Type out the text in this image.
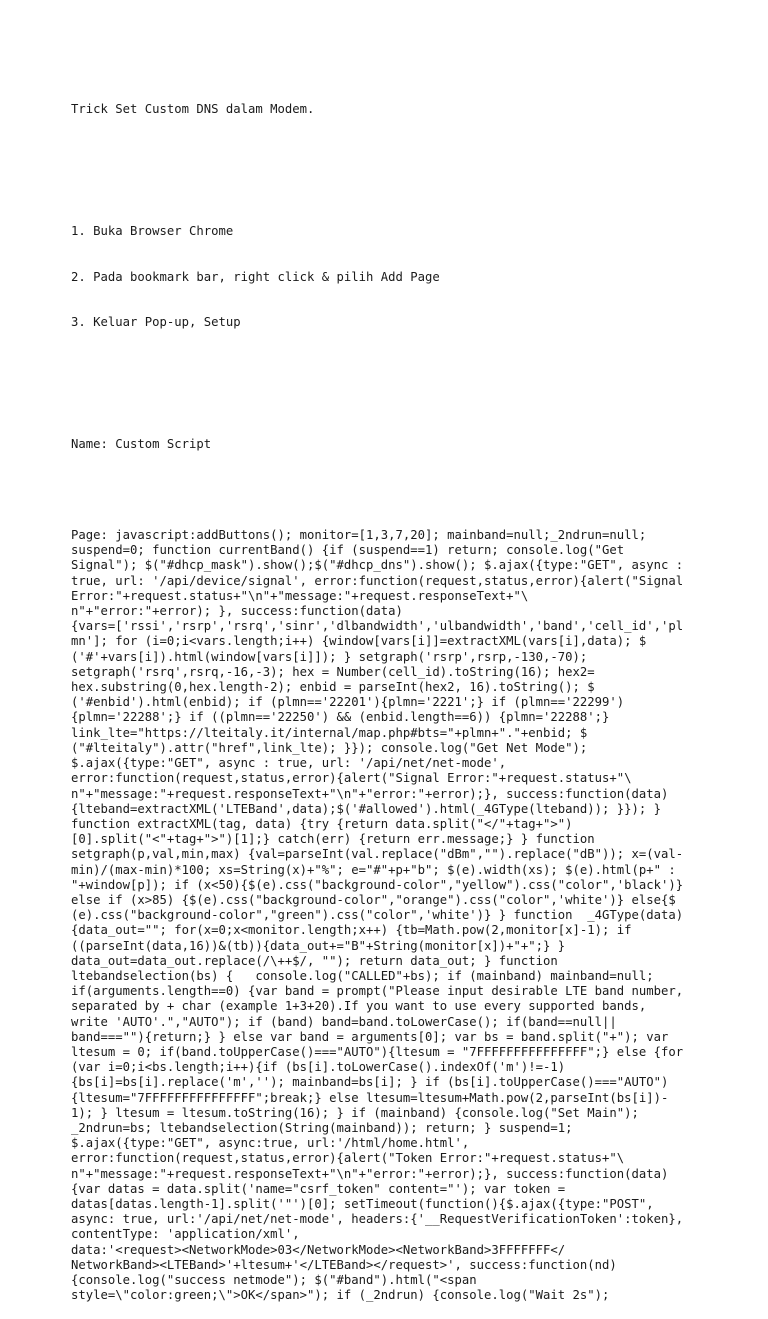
Trick Set Custom DNS dalam Modem.

1. Buka Browser Chrome

2. Pada bookmark bar, right click & pilih Add Page

3. Keluar Pop-up, Setup

Name: Custom Script

Page: javascript:addButtons(); monitor=[1,3,7,20]; mainband=null;_2ndrun=null;
suspend=0; function currentBand() {if (suspend==1) return; console.log("Get
Signal"); $("#dhcp_mask").show();$("#dhcp_dns").show(); $.ajax({type:"GET", async :
true, url: '/api/device/signal', error:function(request,status,error){alert("Signal
Error:"+request.status+"\n"+"message:"+request.responseText+"\
n"+"error:"+error); }, success:function(data)
{vars=['rssi','rsrp','rsrq','sinr','dlbandwidth','ulbandwidth','band','cell_id','pl
mn']; for (i=0;i<vars.length;i++) {window[vars[i]]=extractXML(vars[i],data); $
('#'+vars[i]).html(window[vars[i]]); } setgraph('rsrp',rsrp,-130,-70);
setgraph('rsrq',rsrq,-16,-3); hex = Number(cell_id).toString(16); hex2=
hex.substring(0,hex.length-2); enbid = parseInt(hex2, 16).toString(); $
('#enbid').html(enbid); if (plmn=='22201'){plmn='2221';} if (plmn=='22299')
{plmn='22288';} if ((plmn=='22250') && (enbid.length==6)) {plmn='22288';}
link_lte="https://lteitaly.it/internal/map.php#bts="+plmn+"."+enbid; $
("#lteitaly").attr("href",link_lte); }}); console.log("Get Net Mode");
$.ajax({type:"GET", async : true, url: '/api/net/net-mode',
error:function(request,status,error){alert("Signal Error:"+request.status+"\
n"+"message:"+request.responseText+"\n"+"error:"+error);}, success:function(data)
{lteband=extractXML('LTEBand',data);$('#allowed').html(_4GType(lteband)); }}); }
function extractXML(tag, data) {try {return data.split("</"+tag+">")
[0].split("<"+tag+">")[1];} catch(err) {return err.message;} } function
setgraph(p,val,min,max) {val=parseInt(val.replace("dBm","").replace("dB")); x=(val-
min)/(max-min)*100; xs=String(x)+"%"; e="#"+p+"b"; $(e).width(xs); $(e).html(p+" :
"+window[p]); if (x<50){$(e).css("background-color","yellow").css("color",'black')}
else if (x>85) {$(e).css("background-color","orange").css("color",'white')} else{$
(e).css("background-color","green").css("color",'white')} } function  _4GType(data)
{data_out=""; for(x=0;x<monitor.length;x++) {tb=Math.pow(2,monitor[x]-1); if
((parseInt(data,16))&(tb)){data_out+="B"+String(monitor[x])+"+";} }
data_out=data_out.replace(/\++$/, ""); return data_out; } function
ltebandselection(bs) {   console.log("CALLED"+bs); if (mainband) mainband=null;
if(arguments.length==0) {var band = prompt("Please input desirable LTE band number,
separated by + char (example 1+3+20).If you want to use every supported bands,
write 'AUTO'.","AUTO"); if (band) band=band.toLowerCase(); if(band==null||
band===""){return;} } else var band = arguments[0]; var bs = band.split("+"); var
ltesum = 0; if(band.toUpperCase()==="AUTO"){ltesum = "7FFFFFFFFFFFFFFF";} else {for
(var i=0;i<bs.length;i++){if (bs[i].toLowerCase().indexOf('m')!=-1)
{bs[i]=bs[i].replace('m',''); mainband=bs[i]; } if (bs[i].toUpperCase()==="AUTO")
{ltesum="7FFFFFFFFFFFFFFF";break;} else ltesum=ltesum+Math.pow(2,parseInt(bs[i])-
1); } ltesum = ltesum.toString(16); } if (mainband) {console.log("Set Main");
_2ndrun=bs; ltebandselection(String(mainband)); return; } suspend=1;
$.ajax({type:"GET", async:true, url:'/html/home.html',
error:function(request,status,error){alert("Token Error:"+request.status+"\
n"+"message:"+request.responseText+"\n"+"error:"+error);}, success:function(data)
{var datas = data.split('name="csrf_token" content="'); var token =
datas[datas.length-1].split('"')[0]; setTimeout(function(){$.ajax({type:"POST",
async: true, url:'/api/net/net-mode', headers:{'__RequestVerificationToken':token},
contentType: 'application/xml',
data:'<request><NetworkMode>03</NetworkMode><NetworkBand>3FFFFFFF</
NetworkBand><LTEBand>'+ltesum+'</LTEBand></request>', success:function(nd)
{console.log("success netmode"); $("#band").html("<span
style=\"color:green;\">OK</span>"); if (_2ndrun) {console.log("Wait 2s");
